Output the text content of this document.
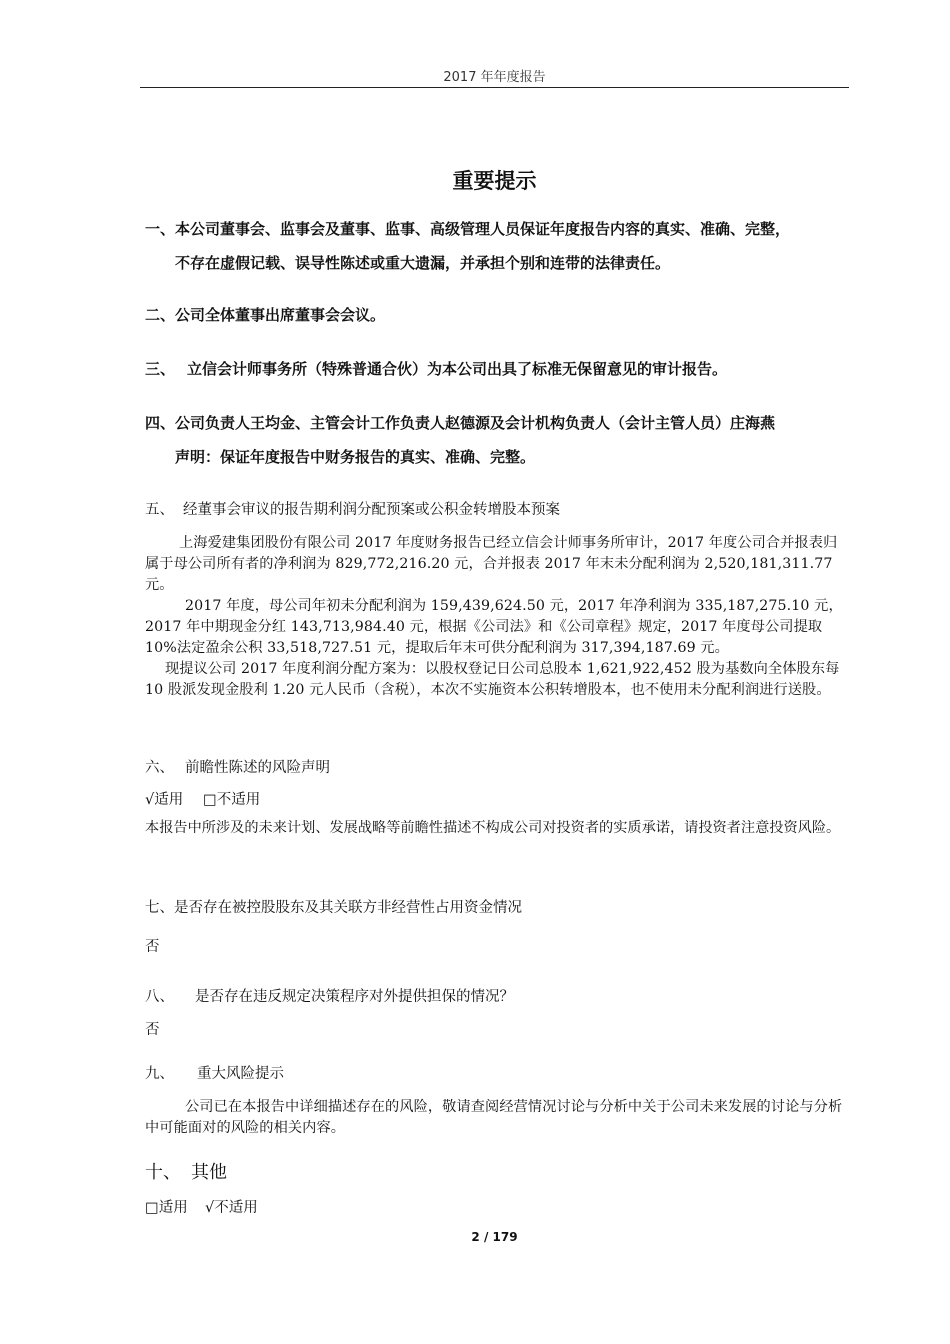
2017 年年度报告
重要提示
一、本公司董事会、监事会及董事、监事、高级管理人员保证年度报告内容的真实、准确、完整，
不存在虚假记载、误导性陈述或重大遗漏，并承担个别和连带的法律责任。
二、公司全体董事出席董事会会议。
三、 立信会计师事务所（特殊普通合伙）为本公司出具了标准无保留意见的审计报告。
四、公司负责人王均金、主管会计工作负责人赵德源及会计机构负责人（会计主管人员）庄海燕
声明：保证年度报告中财务报告的真实、准确、完整。
五、 经董事会审议的报告期利润分配预案或公积金转增股本预案

上海爱建集团股份有限公司 2017 年度财务报告已经立信会计师事务所审计，2017 年度公司合并报表归属于母公司所有者的净利润为 829,772,216.20 元，合并报表 2017 年末未分配利润为 2,520,181,311.77 元。

2017 年度，母公司年初未分配利润为 159,439,624.50 元，2017 年净利润为 335,187,275.10 元，2017 年中期现金分红 143,713,984.40 元，根据《公司法》和《公司章程》规定，2017 年度母公司提取 10%法定盈余公积 33,518,727.51 元，提取后年末可供分配利润为 317,394,187.69 元。

现提议公司 2017 年度利润分配方案为：以股权登记日公司总股本 1,621,922,452 股为基数向全体股东每 10 股派发现金股利 1.20 元人民币（含税），本次不实施资本公积转增股本，也不使用未分配利润进行送股。

六、 前瞻性陈述的风险声明
√适用 □不适用
本报告中所涉及的未来计划、发展战略等前瞻性描述不构成公司对投资者的实质承诺，请投资者注意投资风险。
七、是否存在被控股股东及其关联方非经营性占用资金情况
否
八、 是否存在违反规定决策程序对外提供担保的情况？
否
九、 重大风险提示

公司已在本报告中详细描述存在的风险，敬请查阅经营情况讨论与分析中关于公司未来发展的讨论与分析中可能面对的风险的相关内容。

十、 其他
□适用 √不适用
2 / 179
